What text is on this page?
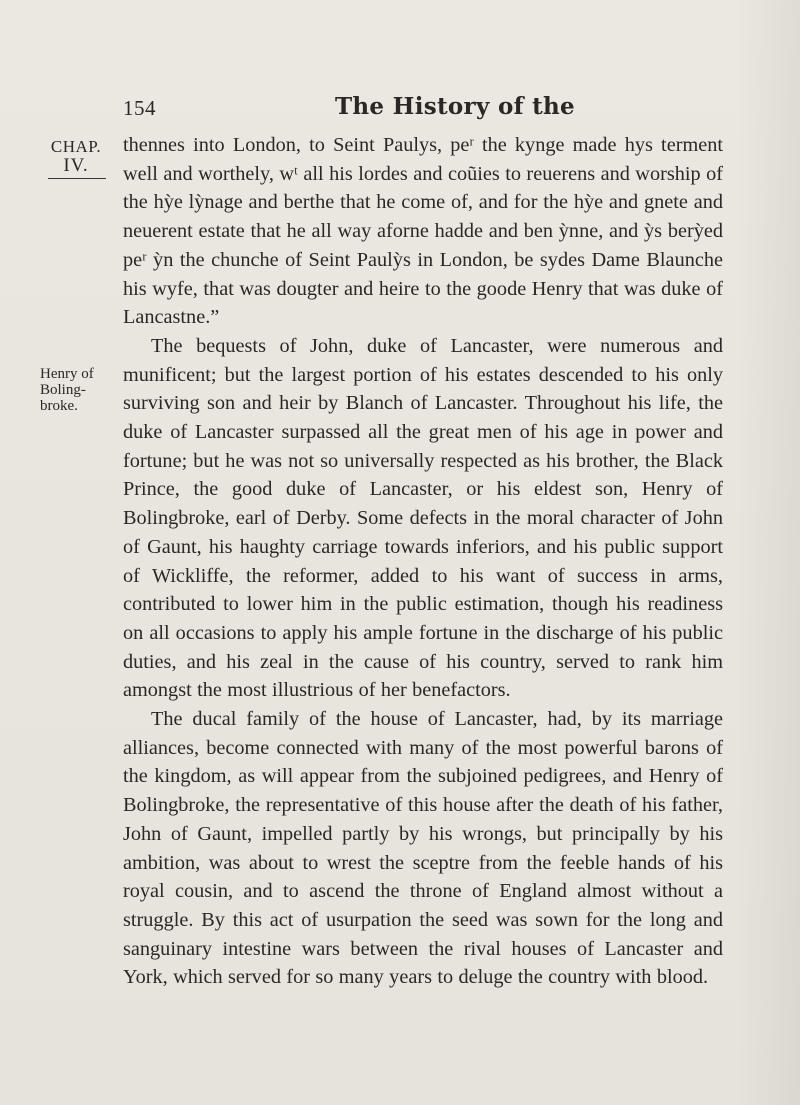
154	The History of the
CHAP.
IV.
Henry of
Boling-
broke.

thennes into London, to Seint Paulys, peʳ the kynge made hys terment well and worthely, wᵗ all his lordes and coũies to reuerens and worship of the hỳe lỳnage and berthe that he come of, and for the hỳe and gnete and neuerent estate that he all way aforne hadde and ben ỳnne, and ỳs berỳed peʳ ỳn the chunche of Seint Paulỳs in London, be sydes Dame Blaunche his wyfe, that was dougter and heire to the goode Henry that was duke of Lancastne.”

The bequests of John, duke of Lancaster, were numerous and munificent; but the largest portion of his estates descended to his only surviving son and heir by Blanch of Lancaster. Throughout his life, the duke of Lancaster surpassed all the great men of his age in power and fortune; but he was not so universally respected as his brother, the Black Prince, the good duke of Lancaster, or his eldest son, Henry of Bolingbroke, earl of Derby. Some defects in the moral character of John of Gaunt, his haughty carriage towards inferiors, and his public support of Wickliffe, the reformer, added to his want of success in arms, contributed to lower him in the public estimation, though his readiness on all occasions to apply his ample fortune in the discharge of his public duties, and his zeal in the cause of his country, served to rank him amongst the most illustrious of her benefactors.

The ducal family of the house of Lancaster, had, by its marriage alliances, become connected with many of the most powerful barons of the kingdom, as will appear from the subjoined pedigrees, and Henry of Bolingbroke, the representative of this house after the death of his father, John of Gaunt, impelled partly by his wrongs, but principally by his ambition, was about to wrest the sceptre from the feeble hands of his royal cousin, and to ascend the throne of England almost without a struggle. By this act of usurpation the seed was sown for the long and sanguinary intestine wars between the rival houses of Lancaster and York, which served for so many years to deluge the country with blood.
